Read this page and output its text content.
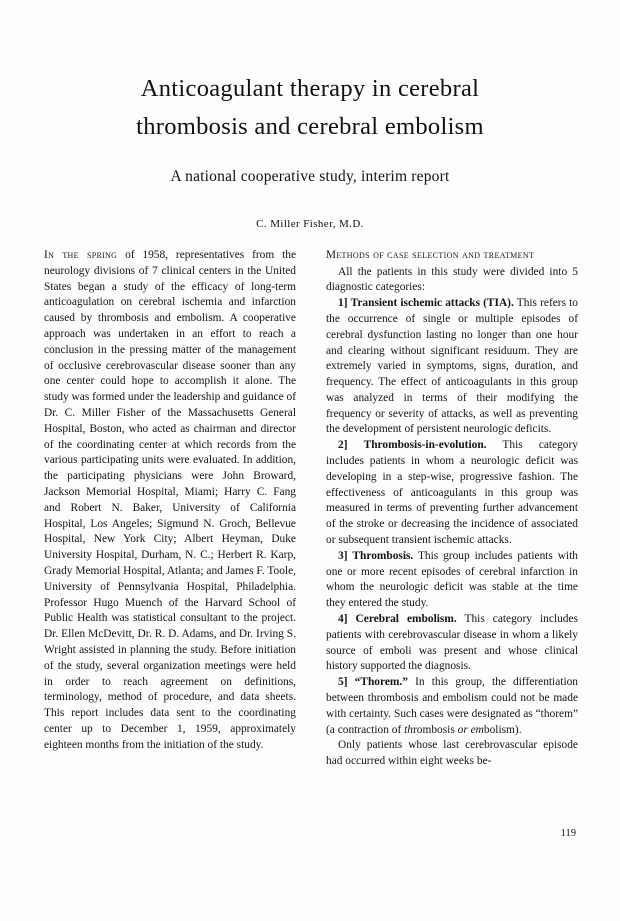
Anticoagulant therapy in cerebral
thrombosis and cerebral embolism
A national cooperative study, interim report
C. Miller Fisher, M.D.

In the spring of 1958, representatives from the neurology divisions of 7 clinical centers in the United States began a study of the efficacy of long-term anticoagulation on cerebral ischemia and infarction caused by thrombosis and embolism. A cooperative approach was undertaken in an effort to reach a conclusion in the pressing matter of the management of occlusive cerebrovascular disease sooner than any one center could hope to accomplish it alone. The study was formed under the leadership and guidance of Dr. C. Miller Fisher of the Massachusetts General Hospital, Boston, who acted as chairman and director of the coordinating center at which records from the various participating units were evaluated. In addition, the participating physicians were John Broward, Jackson Memorial Hospital, Miami; Harry C. Fang and Robert N. Baker, University of California Hospital, Los Angeles; Sigmund N. Groch, Bellevue Hospital, New York City; Albert Heyman, Duke University Hospital, Durham, N. C.; Herbert R. Karp, Grady Memorial Hospital, Atlanta; and James F. Toole, University of Pennsylvania Hospital, Philadelphia. Professor Hugo Muench of the Harvard School of Public Health was statistical consultant to the project. Dr. Ellen McDevitt, Dr. R. D. Adams, and Dr. Irving S. Wright assisted in planning the study. Before initiation of the study, several organization meetings were held in order to reach agreement on definitions, terminology, method of procedure, and data sheets. This report includes data sent to the coordinating center up to December 1, 1959, approximately eighteen months from the initiation of the study.

Methods of case selection and treatment

All the patients in this study were divided into 5 diagnostic categories:

1] Transient ischemic attacks (TIA). This refers to the occurrence of single or multiple episodes of cerebral dysfunction lasting no longer than one hour and clearing without significant residuum. They are extremely varied in symptoms, signs, duration, and frequency. The effect of anticoagulants in this group was analyzed in terms of their modifying the frequency or severity of attacks, as well as preventing the development of persistent neurologic deficits.

2] Thrombosis-in-evolution. This category includes patients in whom a neurologic deficit was developing in a step-wise, progressive fashion. The effectiveness of anticoagulants in this group was measured in terms of preventing further advancement of the stroke or decreasing the incidence of associated or subsequent transient ischemic attacks.

3] Thrombosis. This group includes patients with one or more recent episodes of cerebral infarction in whom the neurologic deficit was stable at the time they entered the study.

4] Cerebral embolism. This category includes patients with cerebrovascular disease in whom a likely source of emboli was present and whose clinical history supported the diagnosis.

5] “Thorem.” In this group, the differentiation between thrombosis and embolism could not be made with certainty. Such cases were designated as “thorem” (a contraction of thrombosis or embolism).

Only patients whose last cerebrovascular episode had occurred within eight weeks be-

119
